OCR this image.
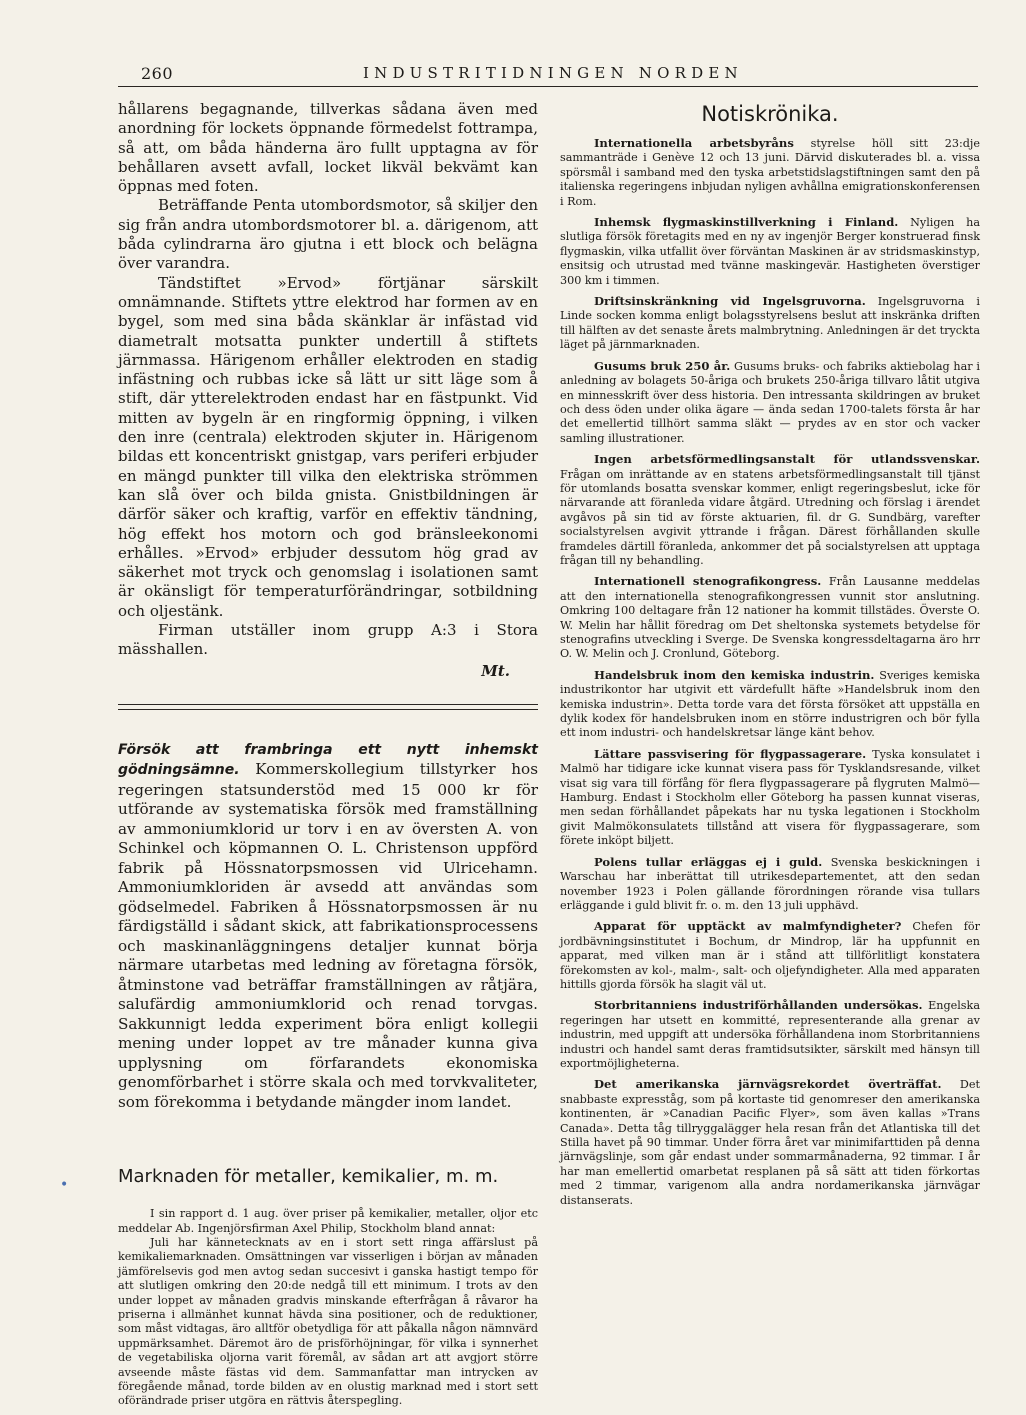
260	INDUSTRITIDNINGEN NORDEN

hållarens begagnande, tillverkas sådana även med anordning för lockets öppnande förmedelst fottrampa, så att, om båda händerna äro fullt upptagna av för behållaren avsett avfall, locket likväl bekvämt kan öppnas med foten.

Beträffande Penta utombordsmotor, så skiljer den sig från andra utombordsmotorer bl. a. därigenom, att båda cylindrarna äro gjutna i ett block och belägna över varandra.

Tändstiftet »Ervod» förtjänar särskilt omnämnande. Stiftets yttre elektrod har formen av en bygel, som med sina båda skänklar är infästad vid diametralt motsatta punkter undertill å stiftets järnmassa. Härigenom erhåller elektroden en stadig infästning och rubbas icke så lätt ur sitt läge som å stift, där ytterelektroden endast har en fästpunkt. Vid mitten av bygeln är en ringformig öppning, i vilken den inre (centrala) elektroden skjuter in. Härigenom bildas ett koncentriskt gnistgap, vars periferi erbjuder en mängd punkter till vilka den elektriska strömmen kan slå över och bilda gnista. Gnistbildningen är därför säker och kraftig, varför en effektiv tändning, hög effekt hos motorn och god bränsleekonomi erhålles. »Ervod» erbjuder dessutom hög grad av säkerhet mot tryck och genomslag i isolationen samt är okänsligt för temperaturförändringar, sotbildning och oljestänk.

Firman utställer inom grupp A:3 i Stora mässhallen.

Mt.

Försök att frambringa ett nytt inhemskt gödningsämne. Kommerskollegium tillstyrker hos regeringen statsunderstöd med 15 000 kr för utförande av systematiska försök med framställning av ammoniumklorid ur torv i en av översten A. von Schinkel och köpmannen O. L. Christenson uppförd fabrik på Hössnatorpsmossen vid Ulricehamn. Ammoniumkloriden är avsedd att användas som gödselmedel. Fabriken å Hössnatorpsmossen är nu färdigställd i sådant skick, att fabrikationsprocessens och maskinanläggningens detaljer kunnat börja närmare utarbetas med ledning av företagna försök, åtminstone vad beträffar framställningen av råtjära, salufärdig ammoniumklorid och renad torvgas. Sakkunnigt ledda experiment böra enligt kollegii mening under loppet av tre månader kunna giva upplysning om förfarandets ekonomiska genomförbarhet i större skala och med torvkvaliteter, som förekomma i betydande mängder inom landet.

Marknaden för metaller, kemikalier, m. m.

I sin rapport d. 1 aug. över priser på kemikalier, metaller, oljor etc meddelar Ab. Ingenjörsfirman Axel Philip, Stockholm bland annat:

Juli har kännetecknats av en i stort sett ringa affärslust på kemikaliemarknaden. Omsättningen var visserligen i början av månaden jämförelsevis god men avtog sedan succesivt i ganska hastigt tempo för att slutligen omkring den 20:de nedgå till ett minimum. I trots av den under loppet av månaden gradvis minskande efterfrågan å råvaror ha priserna i allmänhet kunnat hävda sina positioner, och de reduktioner, som måst vidtagas, äro alltför obetydliga för att påkalla någon nämnvärd uppmärksamhet. Däremot äro de prisförhöjningar, för vilka i synnerhet de vegetabiliska oljorna varit föremål, av sådan art att avgjort större avseende måste fästas vid dem. Sammanfattar man intrycken av föregående månad, torde bilden av en olustig marknad med i stort sett oförändrade priser utgöra en rättvis återspegling.

Notiskrönika.

Internationella arbetsbyråns styrelse höll sitt 23:dje sammanträde i Genève 12 och 13 juni. Därvid diskuterades bl. a. vissa spörsmål i samband med den tyska arbetstidslagstiftningen samt den på italienska regeringens inbjudan nyligen avhållna emigrationskonferensen i Rom.

Inhemsk flygmaskinstillverkning i Finland. Nyligen ha slutliga försök företagits med en ny av ingenjör Berger konstruerad finsk flygmaskin, vilka utfallit över förväntan Maskinen är av stridsmaskinstyp, ensitsig och utrustad med tvänne maskingevär. Hastigheten överstiger 300 km i timmen.

Driftsinskränkning vid Ingelsgruvorna. Ingelsgruvorna i Linde socken komma enligt bolagsstyrelsens beslut att inskränka driften till hälften av det senaste årets malmbrytning. Anledningen är det tryckta läget på järnmarknaden.

Gusums bruk 250 år. Gusums bruks- och fabriks aktiebolag har i anledning av bolagets 50-åriga och brukets 250-åriga tillvaro låtit utgiva en minnesskrift över dess historia. Den intressanta skildringen av bruket och dess öden under olika ägare — ända sedan 1700-talets första år har det emellertid tillhört samma släkt — prydes av en stor och vacker samling illustrationer.

Ingen arbetsförmedlingsanstalt för utlandssvenskar. Frågan om inrättande av en statens arbetsförmedlingsanstalt till tjänst för utomlands bosatta svenskar kommer, enligt regeringsbeslut, icke för närvarande att föranleda vidare åtgärd. Utredning och förslag i ärendet avgåvos på sin tid av förste aktuarien, fil. dr G. Sundbärg, varefter socialstyrelsen avgivit yttrande i frågan. Därest förhållanden skulle framdeles därtill föranleda, ankommer det på socialstyrelsen att upptaga frågan till ny behandling.

Internationell stenografikongress. Från Lausanne meddelas att den internationella stenografikongressen vunnit stor anslutning. Omkring 100 deltagare från 12 nationer ha kommit tillstädes. Överste O. W. Melin har hållit föredrag om Det sheltonska systemets betydelse för stenografins utveckling i Sverge. De Svenska kongressdeltagarna äro hrr O. W. Melin och J. Cronlund, Göteborg.

Handelsbruk inom den kemiska industrin. Sveriges kemiska industrikontor har utgivit ett värdefullt häfte »Handelsbruk inom den kemiska industrin». Detta torde vara det första försöket att uppställa en dylik kodex för handelsbruken inom en större industrigren och bör fylla ett inom industri- och handelskretsar länge känt behov.

Lättare passvisering för flygpassagerare. Tyska konsulatet i Malmö har tidigare icke kunnat visera pass för Tysklandsresande, vilket visat sig vara till förfång för flera flygpassagerare på flygruten Malmö—Hamburg. Endast i Stockholm eller Göteborg ha passen kunnat viseras, men sedan förhållandet påpekats har nu tyska legationen i Stockholm givit Malmökonsulatets tillstånd att visera för flygpassagerare, som förete inköpt biljett.

Polens tullar erläggas ej i guld. Svenska beskickningen i Warschau har inberättat till utrikesdepartementet, att den sedan november 1923 i Polen gällande förordningen rörande visa tullars erläggande i guld blivit fr. o. m. den 13 juli upphävd.

Apparat för upptäckt av malmfyndigheter? Chefen för jordbävningsinstitutet i Bochum, dr Mindrop, lär ha uppfunnit en apparat, med vilken man är i stånd att tillförlitligt konstatera förekomsten av kol-, malm-, salt- och oljefyndigheter. Alla med apparaten hittills gjorda försök ha slagit väl ut.

Storbritanniens industriförhållanden undersökas. Engelska regeringen har utsett en kommitté, representerande alla grenar av industrin, med uppgift att undersöka förhållandena inom Storbritanniens industri och handel samt deras framtidsutsikter, särskilt med hänsyn till exportmöjligheterna.

Det amerikanska järnvägsrekordet överträffat. Det snabbaste expresståg, som på kortaste tid genomreser den amerikanska kontinenten, är »Canadian Pacific Flyer», som även kallas »Trans Canada». Detta tåg tillryggalägger hela resan från det Atlantiska till det Stilla havet på 90 timmar. Under förra året var minimifarttiden på denna järnvägslinje, som går endast under sommarmånaderna, 92 timmar. I år har man emellertid omarbetat resplanen på så sätt att tiden förkortas med 2 timmar, varigenom alla andra nordamerikanska järnvägar distanserats.

•
